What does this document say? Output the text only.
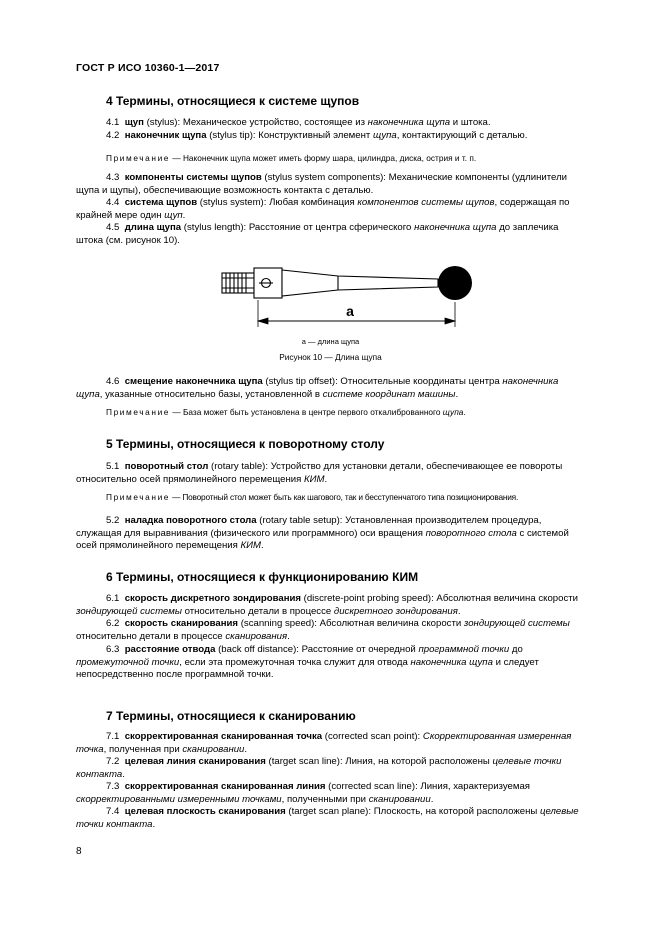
ГОСТ Р ИСО 10360-1—2017
4 Термины, относящиеся к системе щупов
4.1 щуп (stylus): Механическое устройство, состоящее из наконечника щупа и штока.
4.2 наконечник щупа (stylus tip): Конструктивный элемент щупа, контактирующий с деталью.
Примечание — Наконечник щупа может иметь форму шара, цилиндра, диска, острия и т. п.
4.3 компоненты системы щупов (stylus system components): Механические компоненты (удлинители щупа и щупы), обеспечивающие возможность контакта с деталью.
4.4 система щупов (stylus system): Любая комбинация компонентов системы щупов, содержащая по крайней мере один щуп.
4.5 длина щупа (stylus length): Расстояние от центра сферического наконечника щупа до заплечика штока (см. рисунок 10).
a
a — длина щупа
Рисунок 10 — Длина щупа
4.6 смещение наконечника щупа (stylus tip offset): Относительные координаты центра наконечника щупа, указанные относительно базы, установленной в системе координат машины.
Примечание — База может быть установлена в центре первого откалиброванного щупа.
5 Термины, относящиеся к поворотному столу
5.1 поворотный стол (rotary table): Устройство для установки детали, обеспечивающее ее повороты относительно осей прямолинейного перемещения КИМ.
Примечание — Поворотный стол может быть как шагового, так и бесступенчатого типа позиционирования.
5.2 наладка поворотного стола (rotary table setup): Установленная производителем процедура, служащая для выравнивания (физического или программного) оси вращения поворотного стола с системой осей прямолинейного перемещения КИМ.
6 Термины, относящиеся к функционированию КИМ
6.1 скорость дискретного зондирования (discrete-point probing speed): Абсолютная величина скорости зондирующей системы относительно детали в процессе дискретного зондирования.
6.2 скорость сканирования (scanning speed): Абсолютная величина скорости зондирующей системы относительно детали в процессе сканирования.
6.3 расстояние отвода (back off distance): Расстояние от очередной программной точки до промежуточной точки, если эта промежуточная точка служит для отвода наконечника щупа и следует непосредственно после программной точки.
7 Термины, относящиеся к сканированию
7.1 скорректированная сканированная точка (corrected scan point): Скорректированная измеренная точка, полученная при сканировании.
7.2 целевая линия сканирования (target scan line): Линия, на которой расположены целевые точки контакта.
7.3 скорректированная сканированная линия (corrected scan line): Линия, характеризуемая скорректированными измеренными точками, полученными при сканировании.
7.4 целевая плоскость сканирования (target scan plane): Плоскость, на которой расположены целевые точки контакта.
8
